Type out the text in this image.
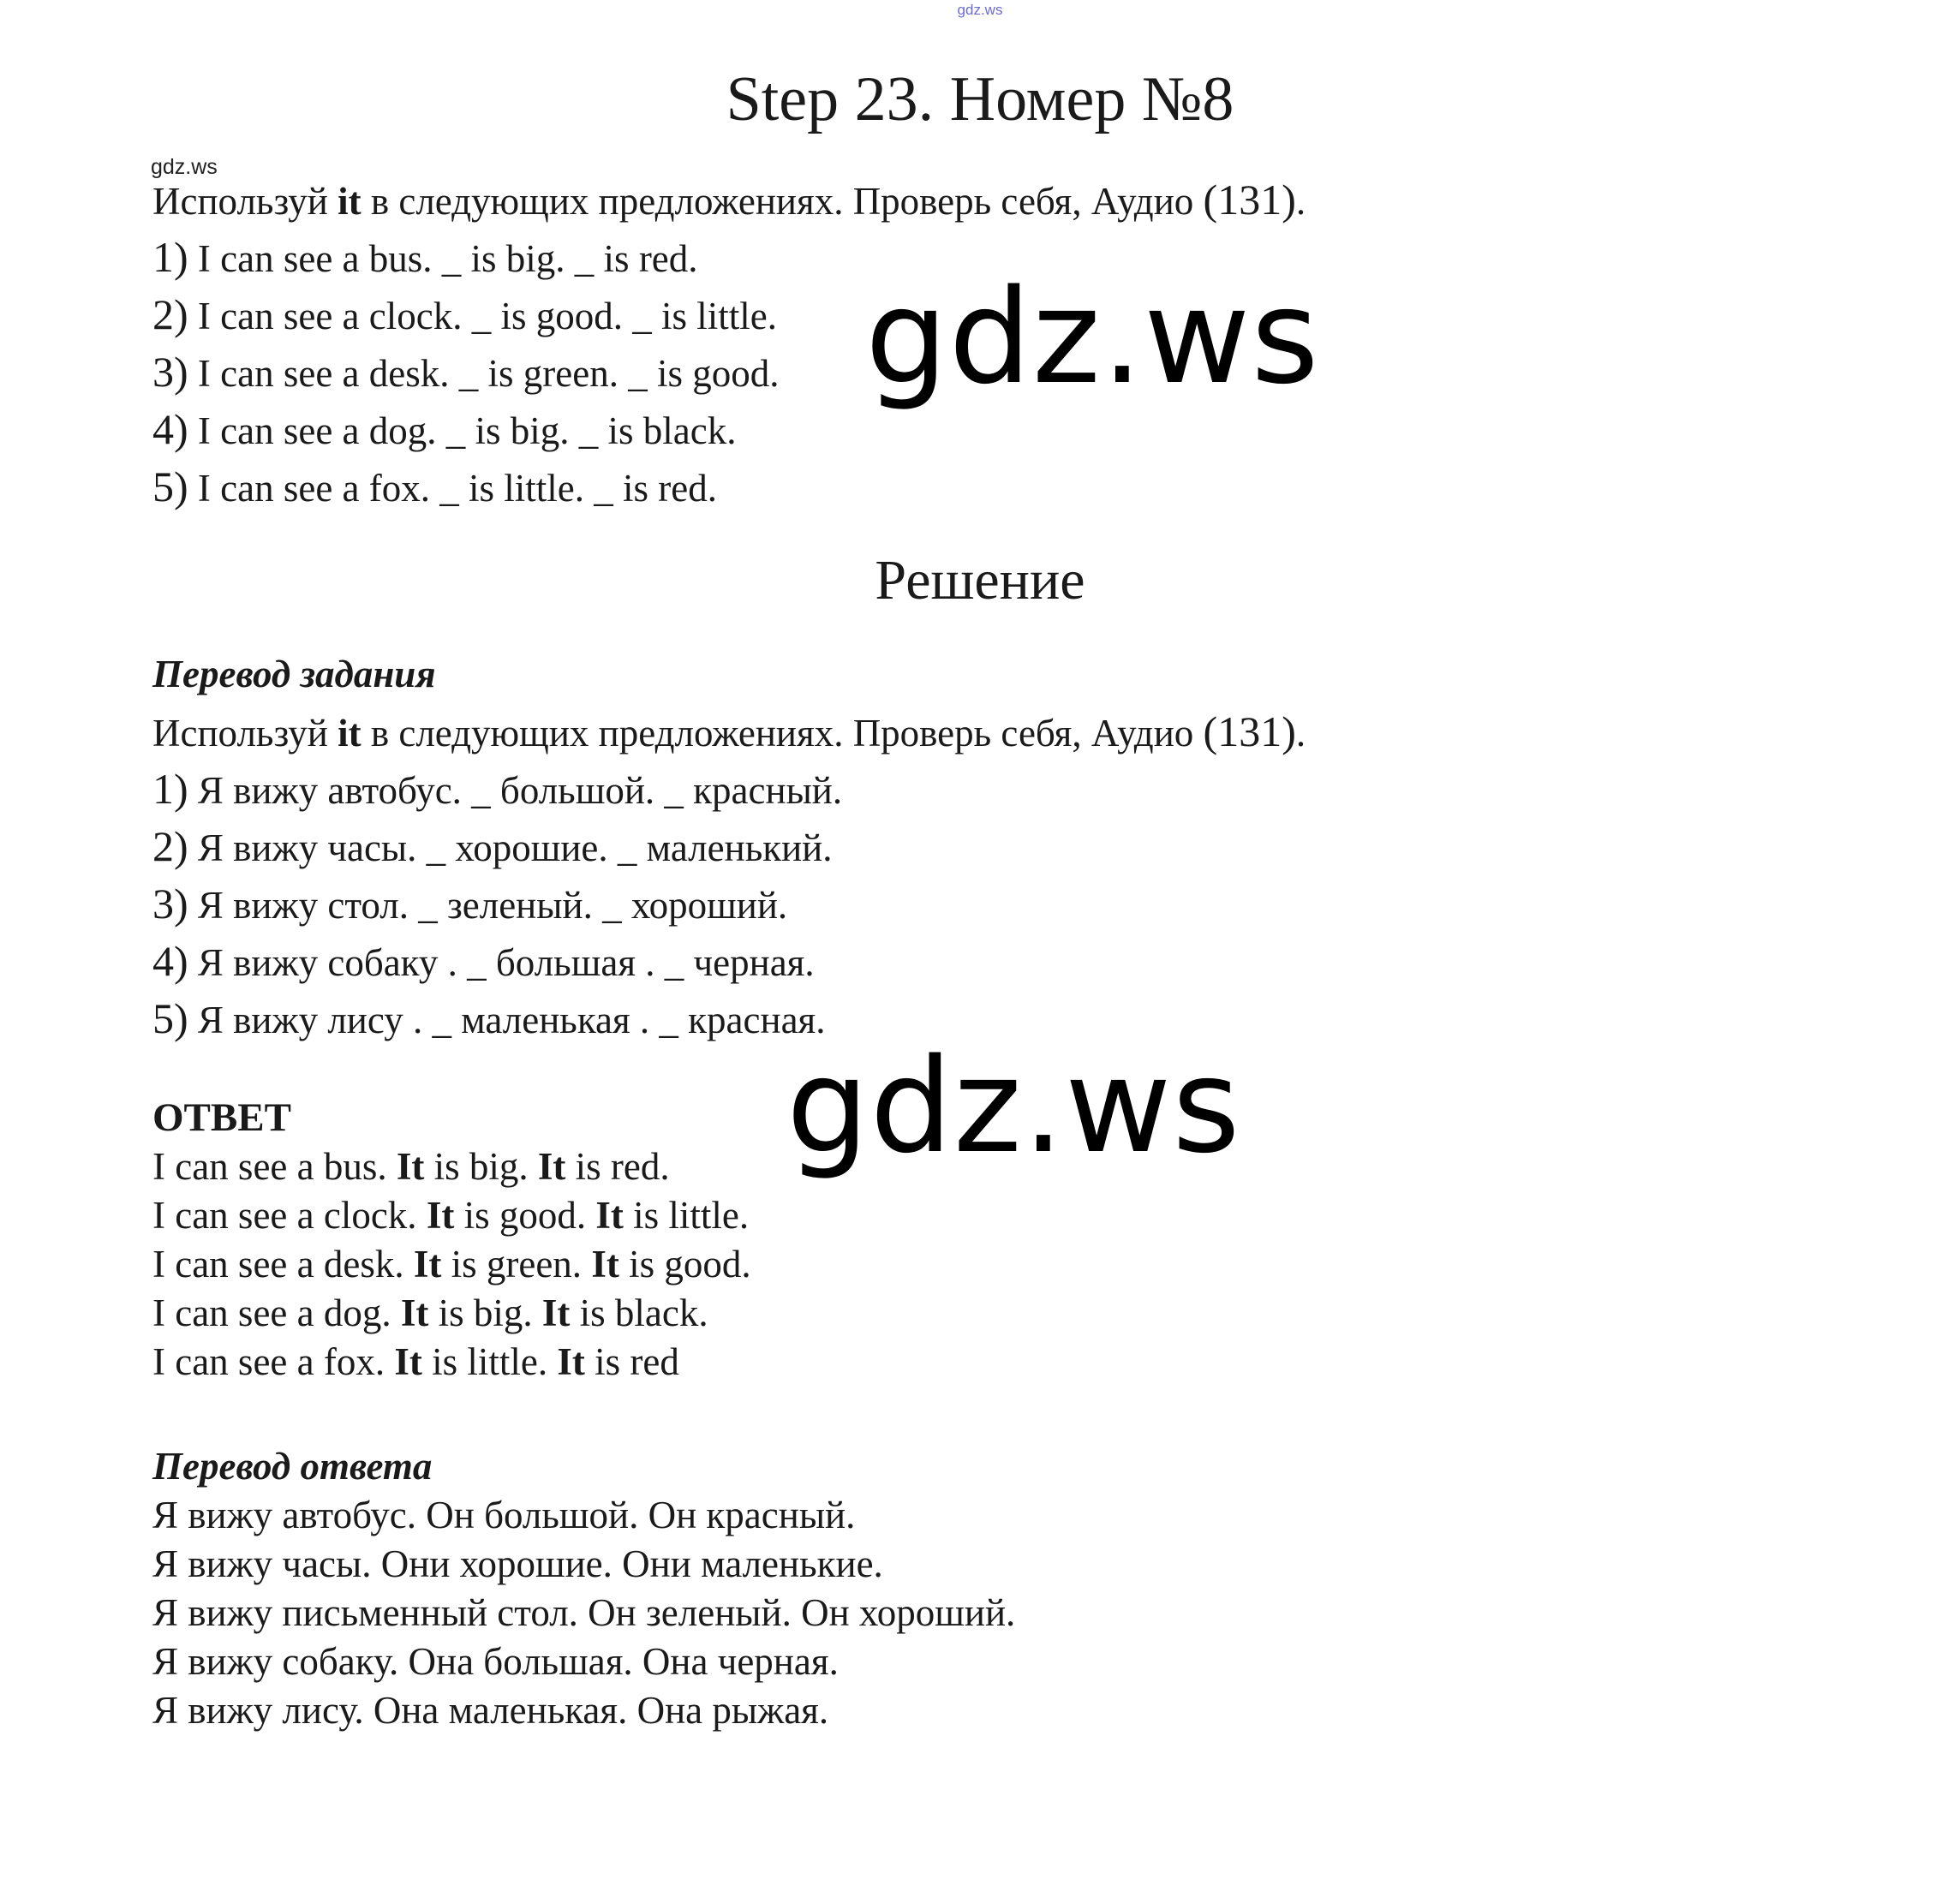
gdz.ws
gdz.ws
gdz.ws
gdz.ws
Step 23. Номер №8
Используй it в следующих предложениях. Проверь себя, Аудио (131).
1) I can see a bus. _ is big. _ is red.
2) I can see a clock. _ is good. _ is little.
3) I can see a desk. _ is green. _ is good.
4) I can see a dog. _ is big. _ is black.
5) I can see a fox. _ is little. _ is red.
Решение
Перевод задания
Используй it в следующих предложениях. Проверь себя, Аудио (131).
1) Я вижу автобус. _ большой. _ красный.
2) Я вижу часы. _ хорошие. _ маленький.
3) Я вижу стол. _ зеленый. _ хороший.
4) Я вижу собаку . _ большая . _ черная.
5) Я вижу лису . _ маленькая . _ красная.
ОТВЕТ
I can see a bus. It is big. It is red.
I can see a clock. It is good. It is little.
I can see a desk. It is green. It is good.
I can see a dog. It is big. It is black.
I can see a fox. It is little. It is red
Перевод ответа
Я вижу автобус. Он большой. Он красный.
Я вижу часы. Они хорошие. Они маленькие.
Я вижу письменный стол. Он зеленый. Он хороший.
Я вижу собаку. Она большая. Она черная.
Я вижу лису. Она маленькая. Она рыжая.
